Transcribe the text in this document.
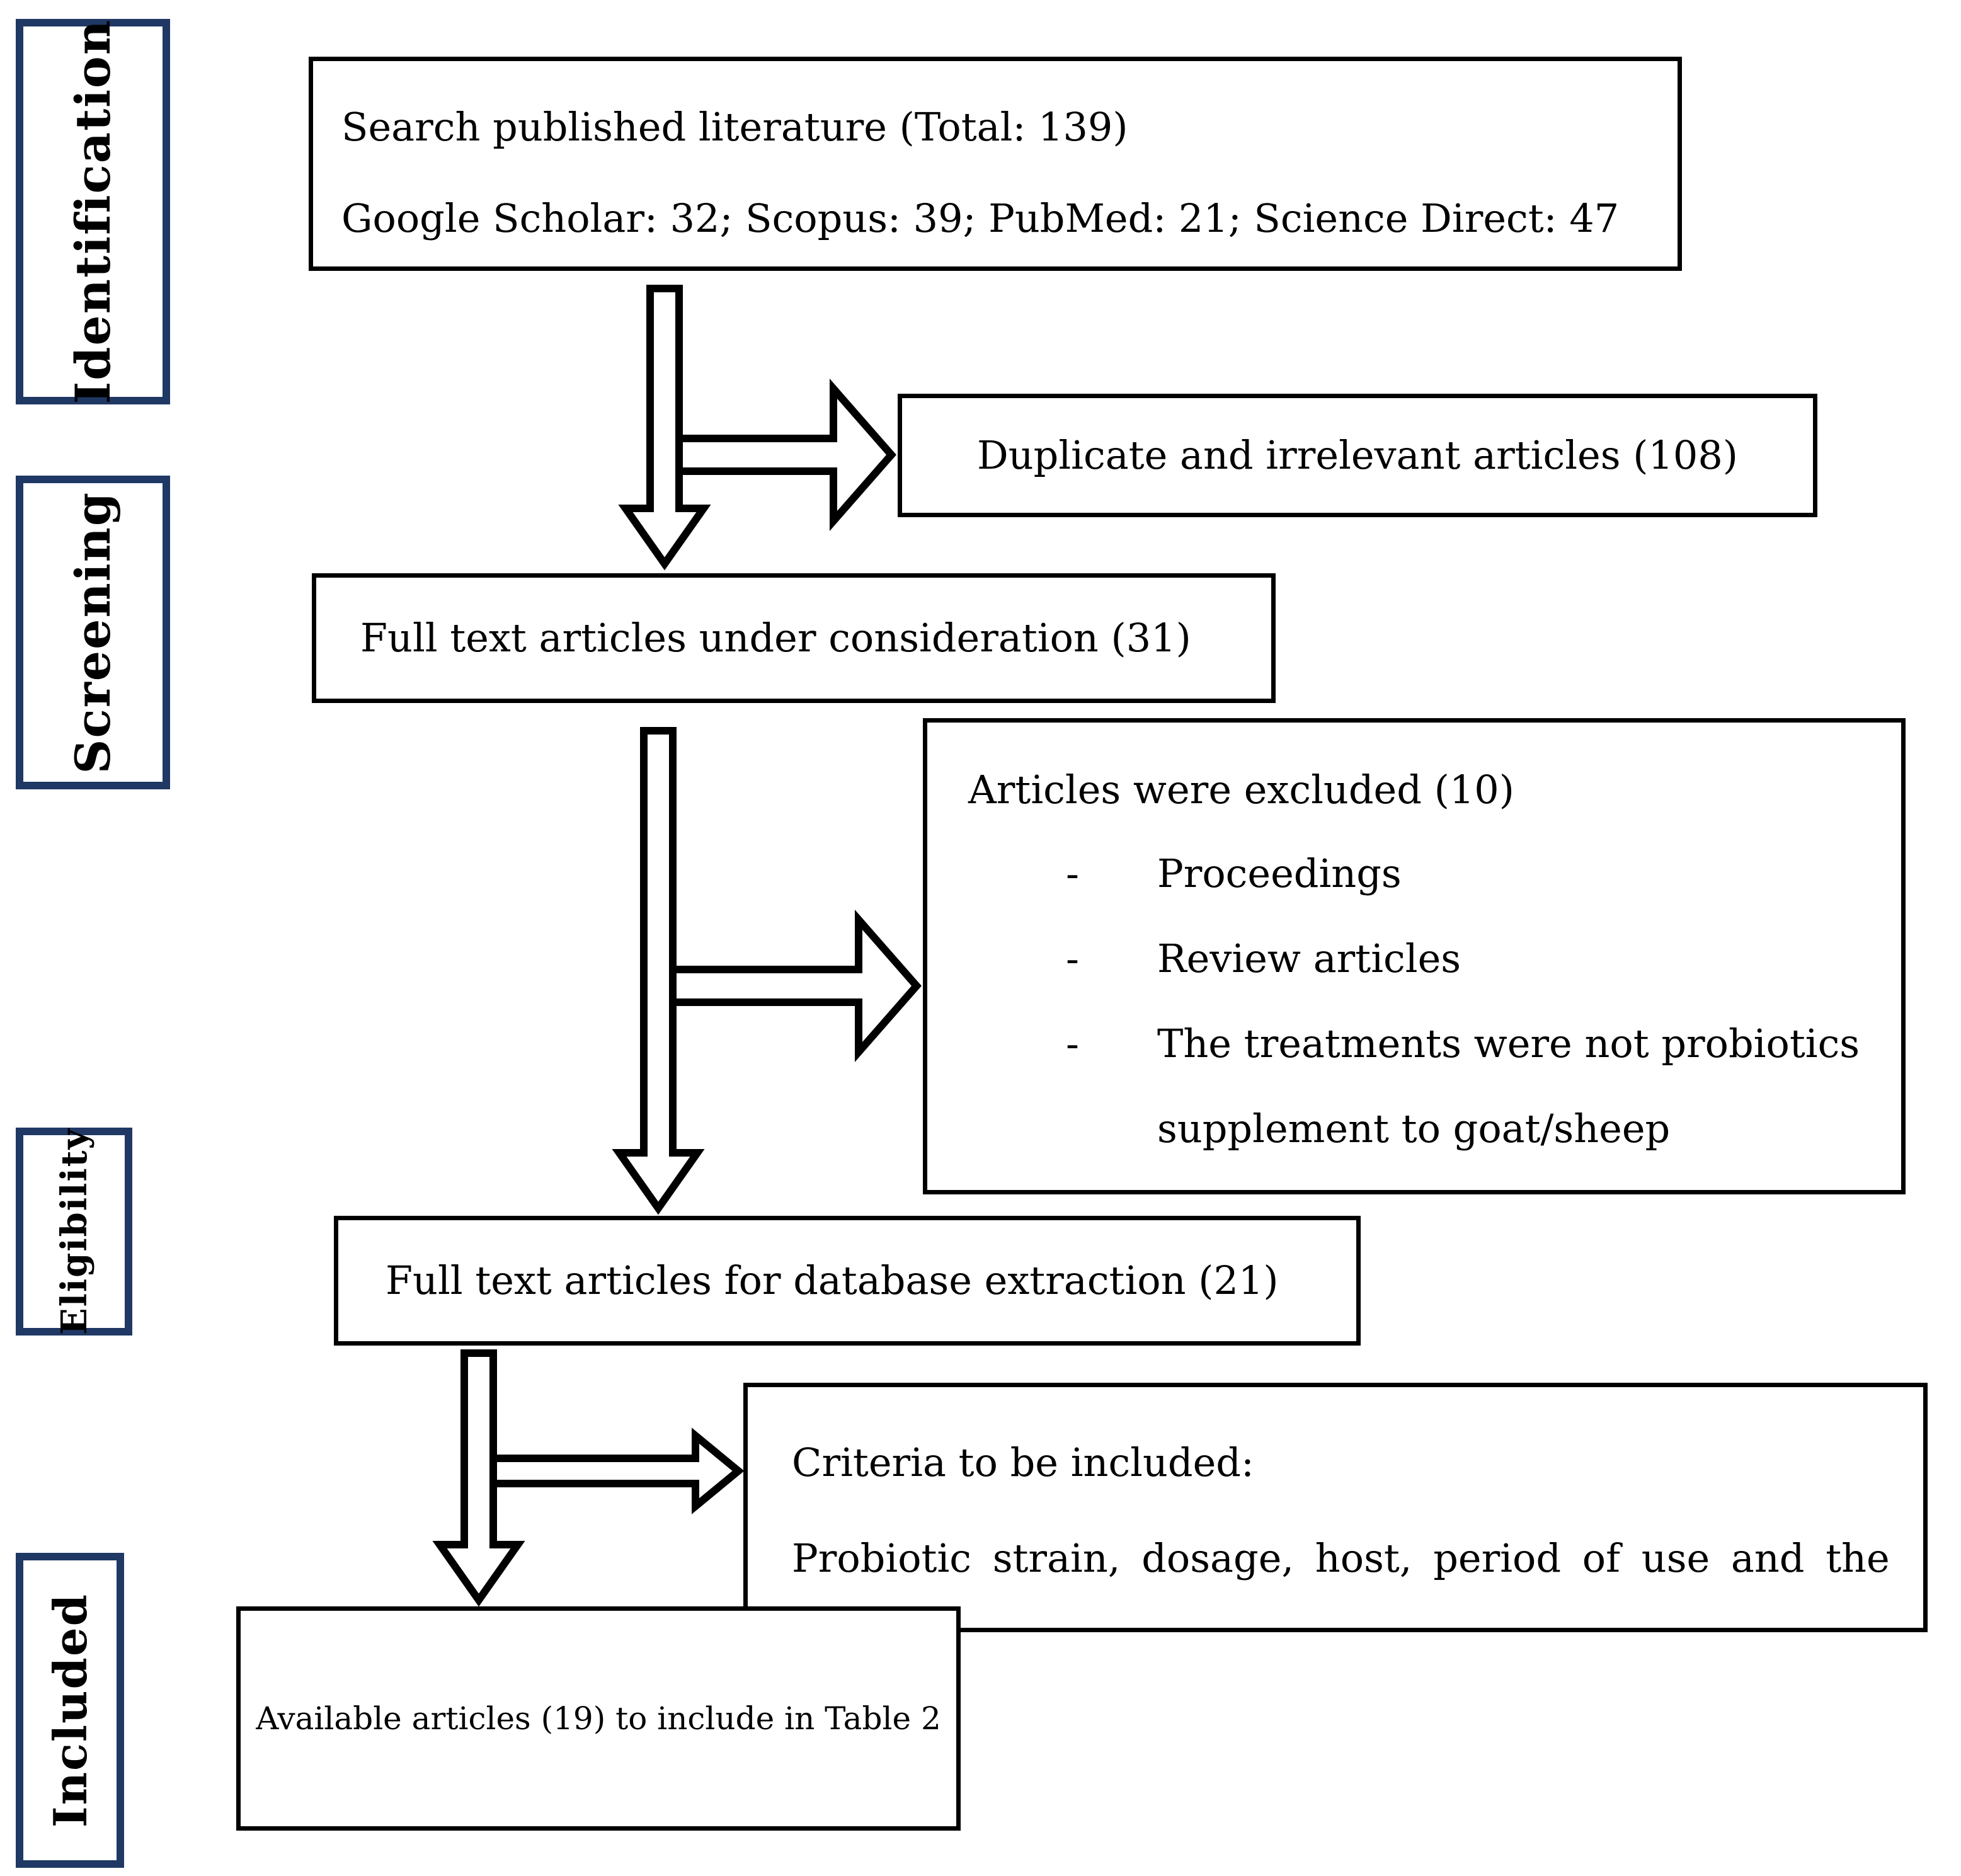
Identification
Screening
Eligibility
Included
Search published literature (Total: 139)
Google Scholar: 32; Scopus: 39; PubMed: 21; Science Direct: 47
Duplicate and irrelevant articles (108)
Full text articles under consideration (31)
Articles were excluded (10)
-	Proceedings
-	Review articles
-	The treatments were not probiotics supplement to goat/sheep
Full text articles for database extraction (21)
Criteria to be included:
Probiotic strain, dosage, host, period of use and the
Available articles (19) to include in Table 2
